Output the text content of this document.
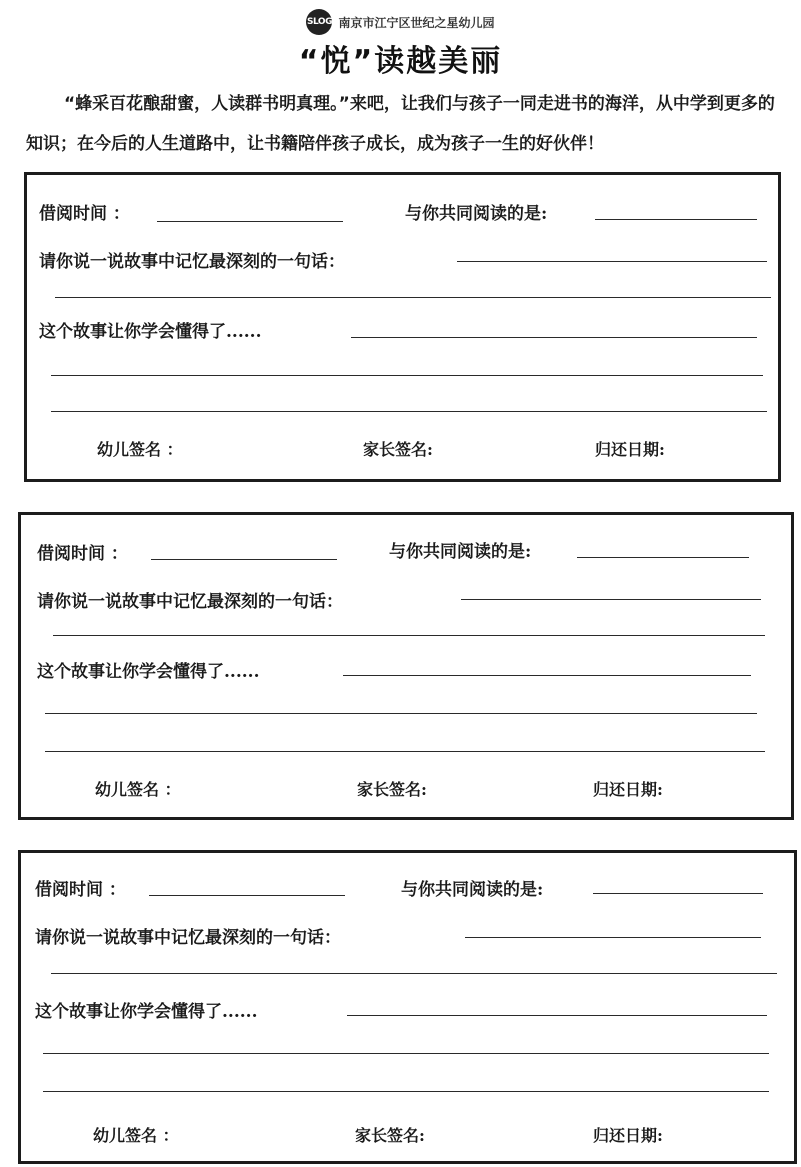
SLOG 南京市江宁区世纪之星幼儿园
“悦”读越美丽
“蜂采百花酿甜蜜，人读群书明真理。”来吧，让我们与孩子一同走进书的海洋，从中学到更多的知识；在今后的人生道路中，让书籍陪伴孩子成长，成为孩子一生的好伙伴！
借阅时间 ：	与你共同阅读的是:
请你说一说故事中记忆最深刻的一句话：
这个故事让你学会懂得了......
幼儿签名 ：	家长签名:	归还日期:
借阅时间 ：	与你共同阅读的是:
请你说一说故事中记忆最深刻的一句话：
这个故事让你学会懂得了......
幼儿签名 ：	家长签名:	归还日期:
借阅时间 ：	与你共同阅读的是:
请你说一说故事中记忆最深刻的一句话：
这个故事让你学会懂得了......
幼儿签名 ：	家长签名:	归还日期:
